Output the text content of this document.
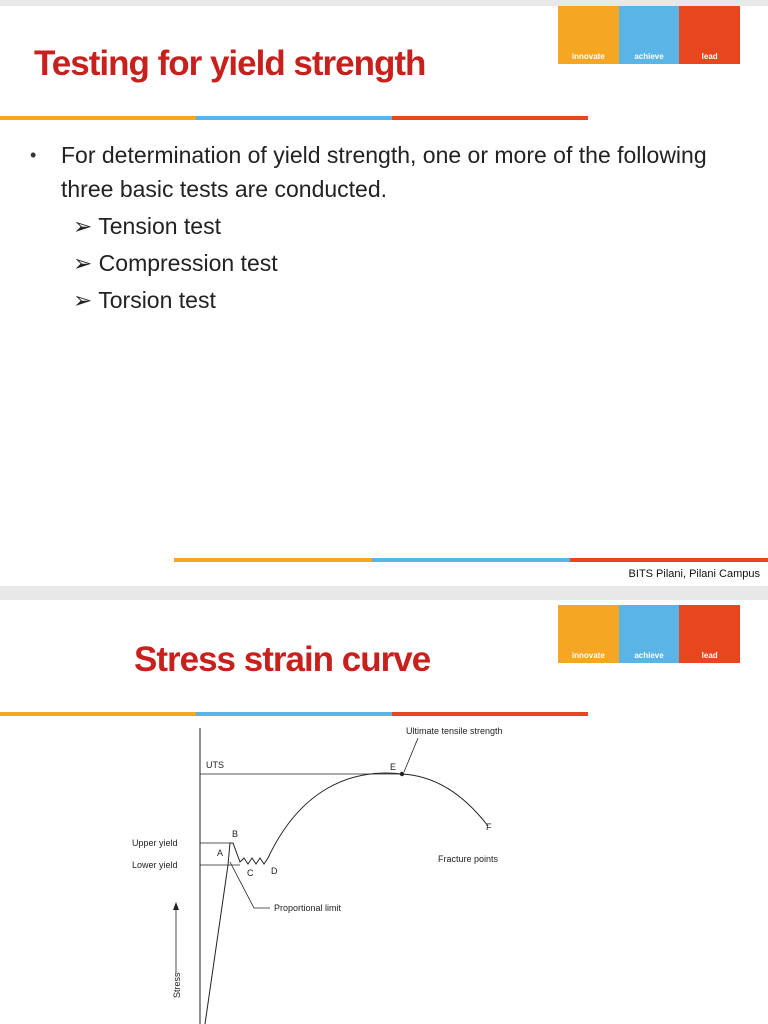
innovate	achieve	lead
Testing for yield strength
• For determination of yield strength, one or more of the following three basic tests are conducted.
➢ Tension test
➢ Compression test
➢ Torsion test
BITS Pilani, Pilani Campus
innovate	achieve	lead
Stress strain curve
Ultimate tensile strength
UTS	E
F
Upper yield
Lower yield
B
A
C D
Fracture points
Proportional limit
Stress
